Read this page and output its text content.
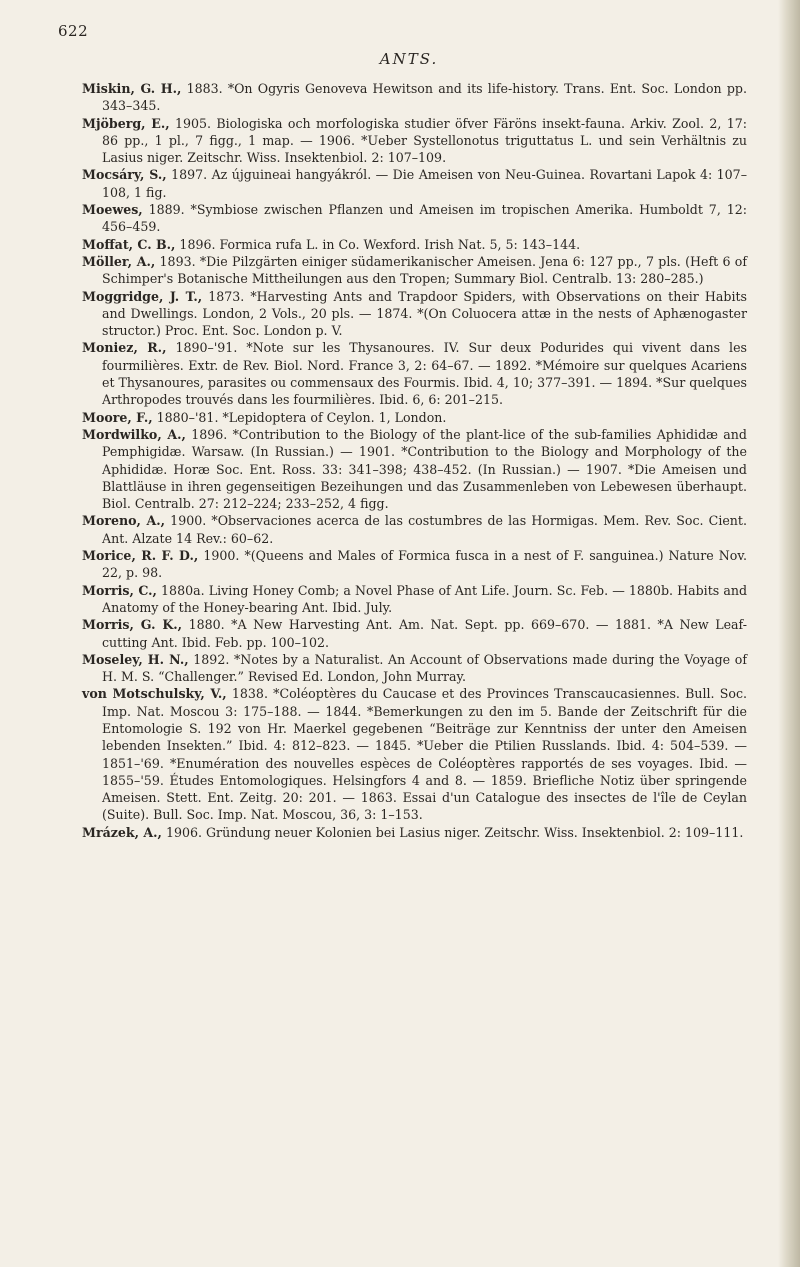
622
ANTS.

Miskin, G. H., 1883. *On Ogyris Genoveva Hewitson and its life-history. Trans. Ent. Soc. London pp. 343–345.

Mjöberg, E., 1905. Biologiska och morfologiska studier öfver Färöns insekt-fauna. Arkiv. Zool. 2, 17: 86 pp., 1 pl., 7 figg., 1 map. — 1906. *Ueber Systellonotus triguttatus L. und sein Verhältnis zu Lasius niger. Zeitschr. Wiss. Insektenbiol. 2: 107–109.

Mocsáry, S., 1897. Az újguineai hangyákról. — Die Ameisen von Neu-Guinea. Rovartani Lapok 4: 107–108, 1 fig.

Moewes, 1889. *Symbiose zwischen Pflanzen und Ameisen im tropischen Amerika. Humboldt 7, 12: 456–459.

Moffat, C. B., 1896. Formica rufa L. in Co. Wexford. Irish Nat. 5, 5: 143–144.

Möller, A., 1893. *Die Pilzgärten einiger südamerikanischer Ameisen. Jena 6: 127 pp., 7 pls. (Heft 6 of Schimper's Botanische Mittheilungen aus den Tropen; Summary Biol. Centralb. 13: 280–285.)

Moggridge, J. T., 1873. *Harvesting Ants and Trapdoor Spiders, with Observations on their Habits and Dwellings. London, 2 Vols., 20 pls. — 1874. *(On Coluocera attæ in the nests of Aphænogaster structor.) Proc. Ent. Soc. London p. V.

Moniez, R., 1890–'91. *Note sur les Thysanoures. IV. Sur deux Podurides qui vivent dans les fourmilières. Extr. de Rev. Biol. Nord. France 3, 2: 64–67. — 1892. *Mémoire sur quelques Acariens et Thysanoures, parasites ou commensaux des Fourmis. Ibid. 4, 10; 377–391. — 1894. *Sur quelques Arthropodes trouvés dans les fourmilières. Ibid. 6, 6: 201–215.

Moore, F., 1880–'81. *Lepidoptera of Ceylon. 1, London.

Mordwilko, A., 1896. *Contribution to the Biology of the plant-lice of the sub-families Aphididæ and Pemphigidæ. Warsaw. (In Russian.) — 1901. *Contribution to the Biology and Morphology of the Aphididæ. Horæ Soc. Ent. Ross. 33: 341–398; 438–452. (In Russian.) — 1907. *Die Ameisen und Blattläuse in ihren gegenseitigen Bezeihungen und das Zusammenleben von Lebewesen überhaupt. Biol. Centralb. 27: 212–224; 233–252, 4 figg.

Moreno, A., 1900. *Observaciones acerca de las costumbres de las Hormigas. Mem. Rev. Soc. Cient. Ant. Alzate 14 Rev.: 60–62.

Morice, R. F. D., 1900. *(Queens and Males of Formica fusca in a nest of F. sanguinea.) Nature Nov. 22, p. 98.

Morris, C., 1880a. Living Honey Comb; a Novel Phase of Ant Life. Journ. Sc. Feb. — 1880b. Habits and Anatomy of the Honey-bearing Ant. Ibid. July.

Morris, G. K., 1880. *A New Harvesting Ant. Am. Nat. Sept. pp. 669–670. — 1881. *A New Leaf-cutting Ant. Ibid. Feb. pp. 100–102.

Moseley, H. N., 1892. *Notes by a Naturalist. An Account of Observations made during the Voyage of H. M. S. “Challenger.” Revised Ed. London, John Murray.

von Motschulsky, V., 1838. *Coléoptères du Caucase et des Provinces Transcaucasiennes. Bull. Soc. Imp. Nat. Moscou 3: 175–188. — 1844. *Bemerkungen zu den im 5. Bande der Zeitschrift für die Entomologie S. 192 von Hr. Maerkel gegebenen “Beiträge zur Kenntniss der unter den Ameisen lebenden Insekten.” Ibid. 4: 812–823. — 1845. *Ueber die Ptilien Russlands. Ibid. 4: 504–539. — 1851–'69. *Enumération des nouvelles espèces de Coléoptères rapportés de ses voyages. Ibid. — 1855–'59. Études Entomologiques. Helsingfors 4 and 8. — 1859. Briefliche Notiz über springende Ameisen. Stett. Ent. Zeitg. 20: 201. — 1863. Essai d'un Catalogue des insectes de l'île de Ceylan (Suite). Bull. Soc. Imp. Nat. Moscou, 36, 3: 1–153.

Mrázek, A., 1906. Gründung neuer Kolonien bei Lasius niger. Zeitschr. Wiss. Insektenbiol. 2: 109–111.
